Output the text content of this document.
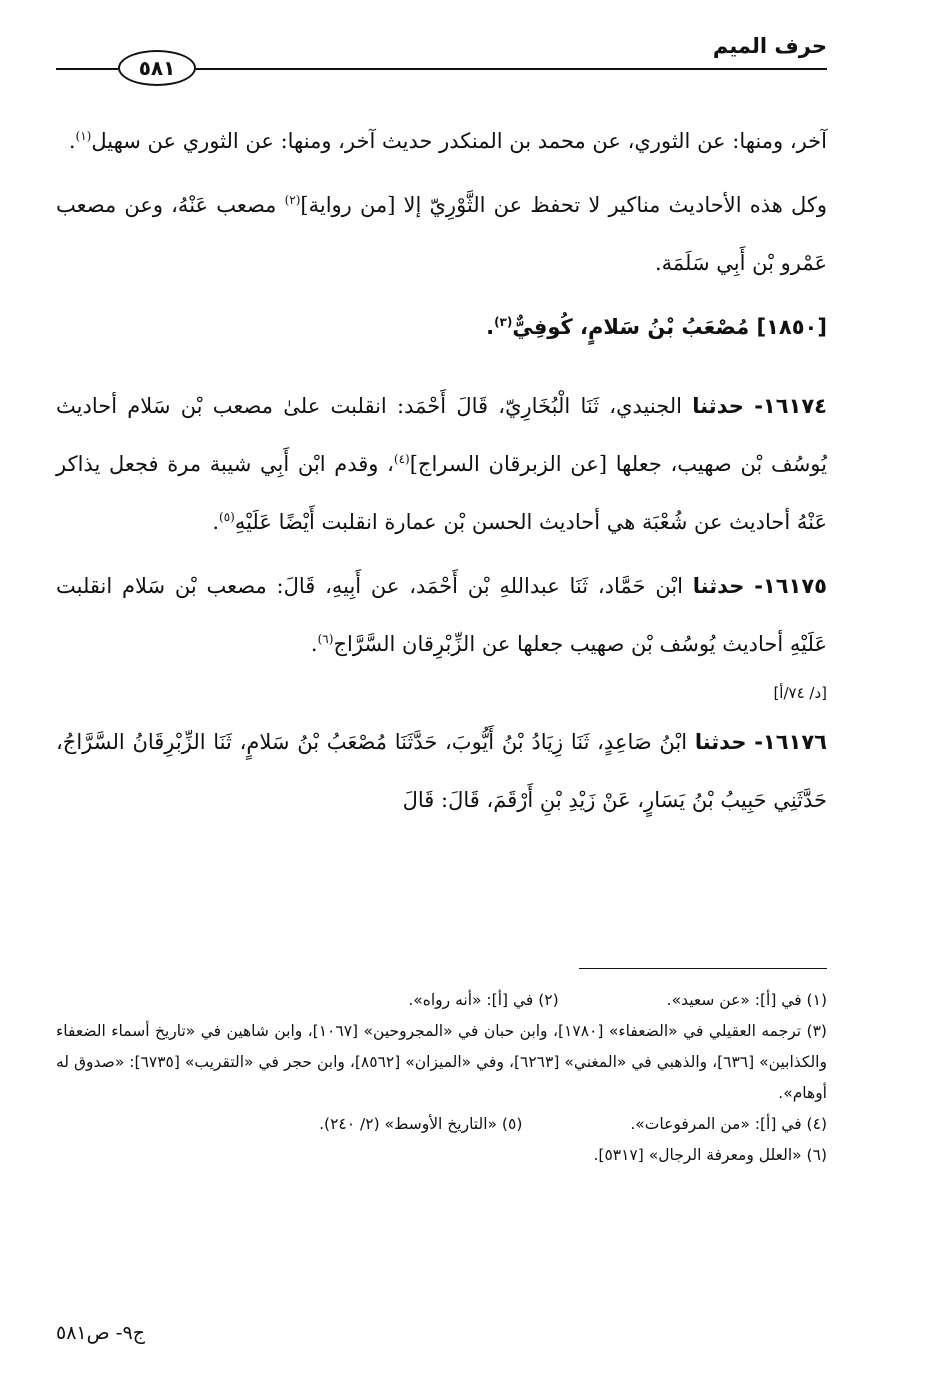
حرف الميم
٥٨١

آخر، ومنها: عن الثوري، عن محمد بن المنكدر حديث آخر، ومنها: عن الثوري عن سهيل$^{(١)}$.

وكل هذه الأحاديث مناكير لا تحفظ عن الثَّوْرِيّ إلا [من رواية]$^{(٢)}$ مصعب عَنْهُ، وعن مصعب عَمْرو بْن أَبِي سَلَمَة.

[١٨٥٠] مُصْعَبُ بْنُ سَلامٍ، كُوفِيٌّ$^{(٣)}$.

١٦١٧٤- حدثنا الجنيدي، ثَنَا الْبُخَارِيّ، قَالَ أَحْمَد: انقلبت علىٰ مصعب بْن سَلام أحاديث يُوسُف بْن صهيب، جعلها [عن الزبرقان السراج]$^{(٤)}$، وقدم ابْن أَبِي شيبة مرة فجعل يذاكر عَنْهُ أحاديث عن شُعْبَة هي أحاديث الحسن بْن عمارة انقلبت أَيْضًا عَلَيْهِ$^{(٥)}$.

١٦١٧٥- حدثنا ابْن حَمَّاد، ثَنَا عبداللهِ بْن أَحْمَد، عن أَبِيهِ، قَالَ: مصعب بْن سَلام انقلبت عَلَيْهِ أحاديث يُوسُف بْن صهيب جعلها عن الزِّبْرِقان السَّرَّاج$^{(٦)}$.

[د/ ٧٤/أ]

١٦١٧٦- حدثنا ابْنُ صَاعِدٍ، ثَنَا زِيَادُ بْنُ أَيُّوبَ، حَدَّثَنَا مُصْعَبُ بْنُ سَلامٍ، ثَنَا الزِّبْرِقَانُ السَّرَّاجُ، حَدَّثَنِي حَبِيبُ بْنُ يَسَارٍ، عَنْ زَيْدِ بْنِ أَرْقَمَ، قَالَ: قَالَ

(١) في [أ]: «عن سعيد».

(٢) في [أ]: «أنه رواه».

(٣) ترجمه العقيلي في «الضعفاء» [١٧٨٠]، وابن حبان في «المجروحين» [١٠٦٧]، وابن شاهين في «تاريخ أسماء الضعفاء والكذابين» [٦٣٦]، والذهبي في «المغني» [٦٢٦٣]، وفي «الميزان» [٨٥٦٢]، وابن حجر في «التقريب» [٦٧٣٥]: «صدوق له أوهام».

(٤) في [أ]: «من المرفوعات».

(٥) «التاريخ الأوسط» (٢/ ٢٤٠).

(٦) «العلل ومعرفة الرجال» [٥٣١٧].

ج٩- ص٥٨١
